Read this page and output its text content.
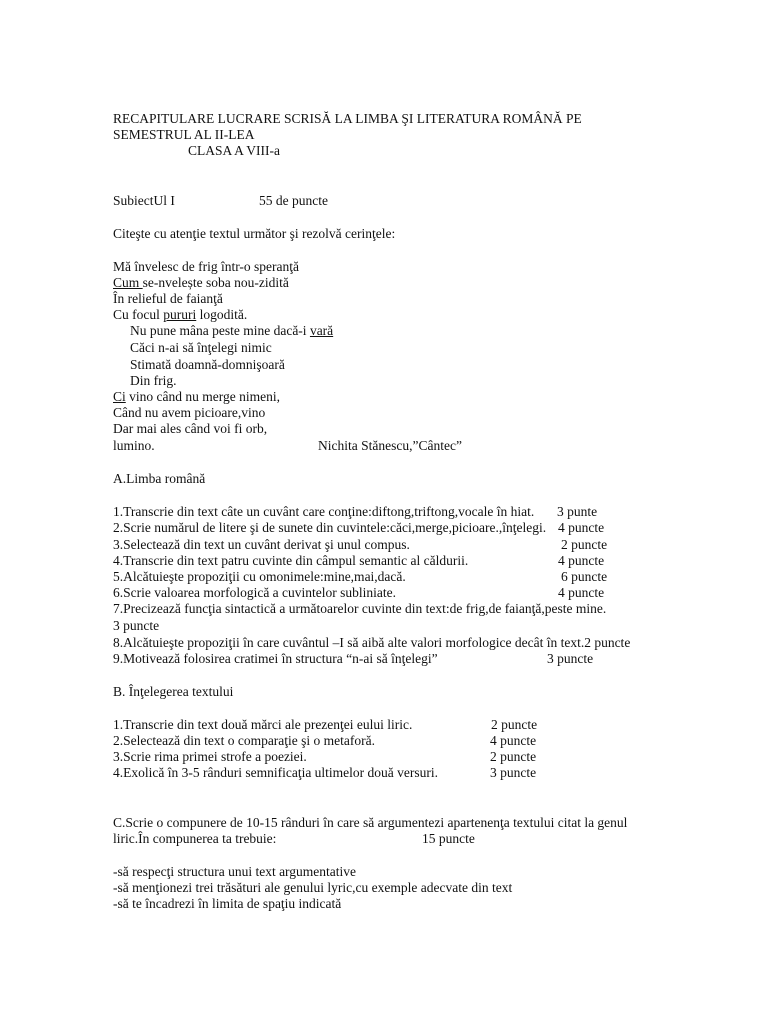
RECAPITULARE LUCRARE SCRISĂ LA LIMBA ŞI LITERATURA ROMÂNĂ PE
SEMESTRUL AL II-LEA
CLASA A VIII-a
SubiectUl I	55 de puncte
Citeşte cu atenţie textul următor şi rezolvă cerinţele:
Mă învelesc de frig într-o speranţă
Cum se-nvelește soba nou-zidită
În relieful de faianţă
Cu focul pururi logodită.
Nu pune mâna peste mine dacă-i vară
Căci n-ai să înţelegi nimic
Stimată doamnă-domnişoară
Din frig.
Ci vino când nu merge nimeni,
Când nu avem picioare,vino
Dar mai ales când voi fi orb,
lumino.	Nichita Stănescu,”Cântec”
A.Limba română
1.Transcrie din text câte un cuvânt care conţine:diftong,triftong,vocale în hiat. 3 punte
2.Scrie numărul de litere şi de sunete din cuvintele:căci,merge,picioare.,înţelegi. 4 puncte
3.Selectează din text un cuvânt derivat şi unul compus.	2 puncte
4.Transcrie din text patru cuvinte din câmpul semantic al căldurii.	4 puncte
5.Alcătuieşte propoziţii cu omonimele:mine,mai,dacă.	6 puncte
6.Scrie valoarea morfologică a cuvintelor subliniate.	4 puncte
7.Precizează funcţia sintactică a următoarelor cuvinte din text:de frig,de faianţă,peste mine.
3 puncte
8.Alcătuieşte propoziţii în care cuvântul –I să aibă alte valori morfologice decât în text.2 puncte
9.Motivează folosirea cratimei în structura “n-ai să înţelegi”	3 puncte
B. Înţelegerea textului
1.Transcrie din text două mărci ale prezenţei eului liric.	2 puncte
2.Selectează din text o comparaţie şi o metaforă.	4 puncte
3.Scrie rima primei strofe a poeziei.	2 puncte
4.Exolică în 3-5 rânduri semnificaţia ultimelor două versuri.	3 puncte
C.Scrie o compunere de 10-15 rânduri în care să argumentezi apartenenţa textului citat la genul
liric.În compunerea ta trebuie:	15 puncte
-să respecţi structura unui text argumentative
-să menţionezi trei trăsături ale genului lyric,cu exemple adecvate din text
-să te încadrezi în limita de spaţiu indicată
